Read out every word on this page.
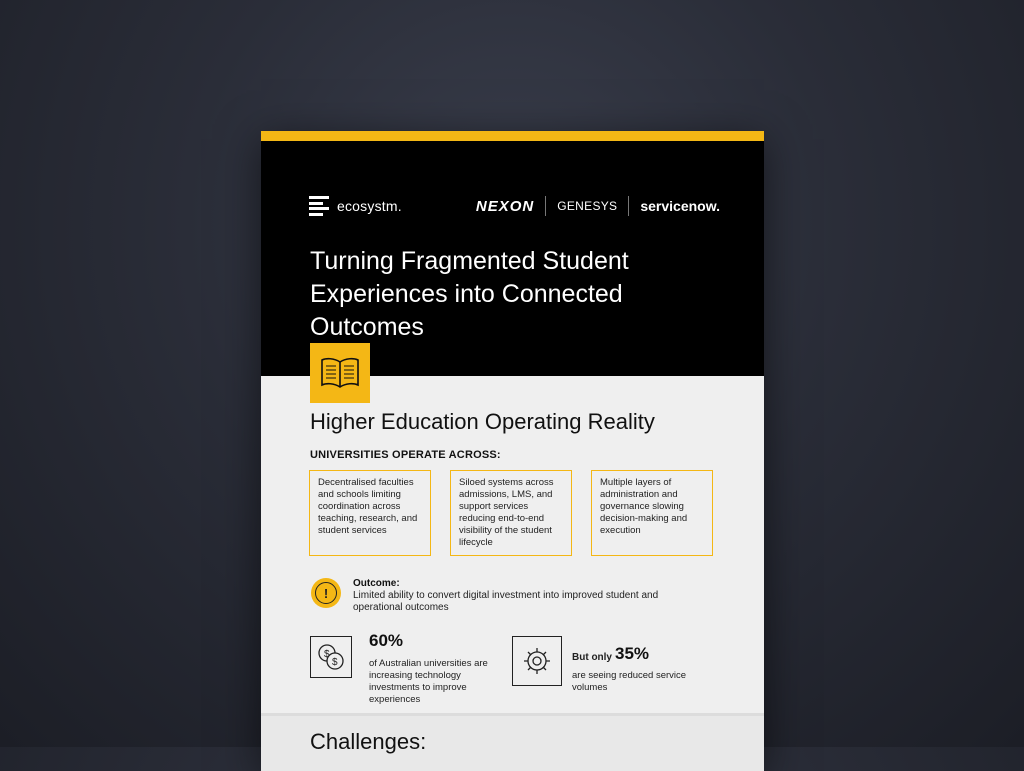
ecosystm.	NEXON GENESYS servicenow.
Turning Fragmented Student Experiences into Connected Outcomes
Higher Education Operating Reality
UNIVERSITIES OPERATE ACROSS:
Decentralised faculties and schools limiting coordination across teaching, research, and student services
Siloed systems across admissions, LMS, and support services reducing end-to-end visibility of the student lifecycle
Multiple layers of administration and governance slowing decision-making and execution
!
Outcome:
Limited ability to convert digital investment into improved student and operational outcomes
$
$
60%
of Australian universities are increasing technology investments to improve experiences
But only 35%
are seeing reduced service volumes
Challenges:
